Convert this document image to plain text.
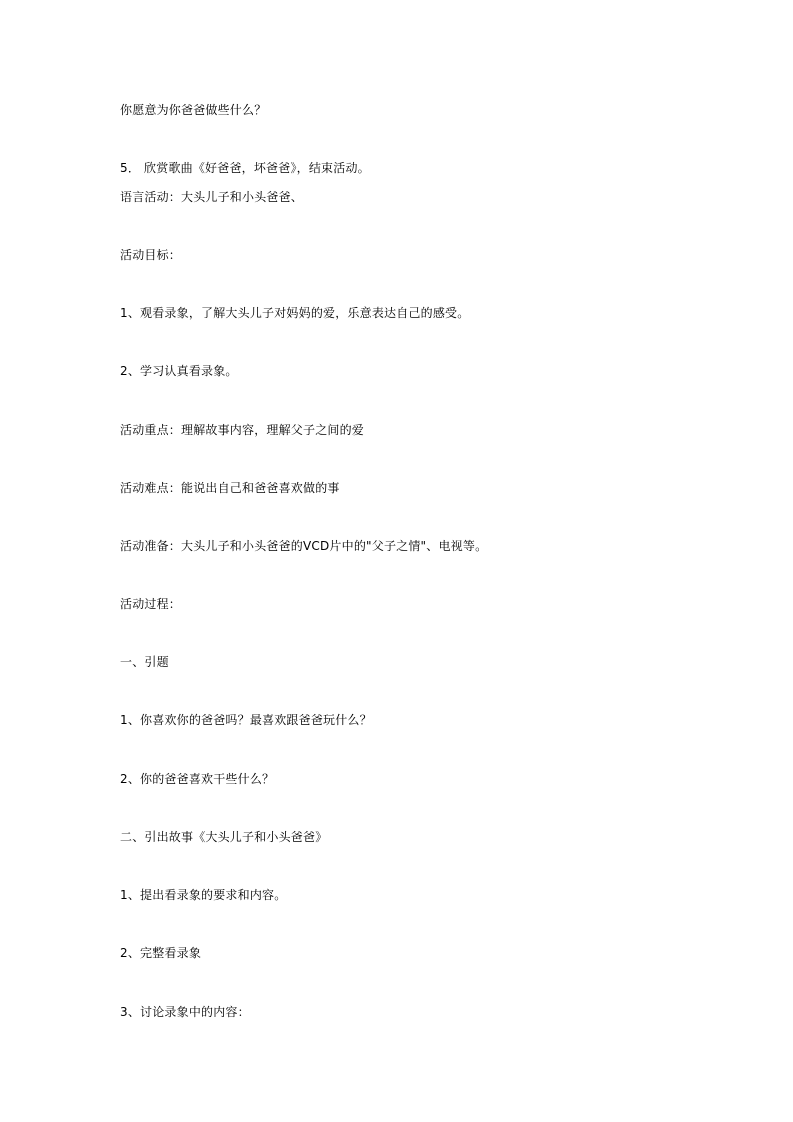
你愿意为你爸爸做些什么？
5． 欣赏歌曲《好爸爸，坏爸爸》，结束活动。
语言活动：大头儿子和小头爸爸、
活动目标：
1、观看录象，了解大头儿子对妈妈的爱，乐意表达自己的感受。
2、学习认真看录象。
活动重点：理解故事内容，理解父子之间的爱
活动难点：能说出自己和爸爸喜欢做的事
活动准备：大头儿子和小头爸爸的VCD片中的"父子之情"、电视等。
活动过程：
一、引题
1、你喜欢你的爸爸吗？最喜欢跟爸爸玩什么？
2、你的爸爸喜欢干些什么？
二、引出故事《大头儿子和小头爸爸》
1、提出看录象的要求和内容。
2、完整看录象
3、讨论录象中的内容：
